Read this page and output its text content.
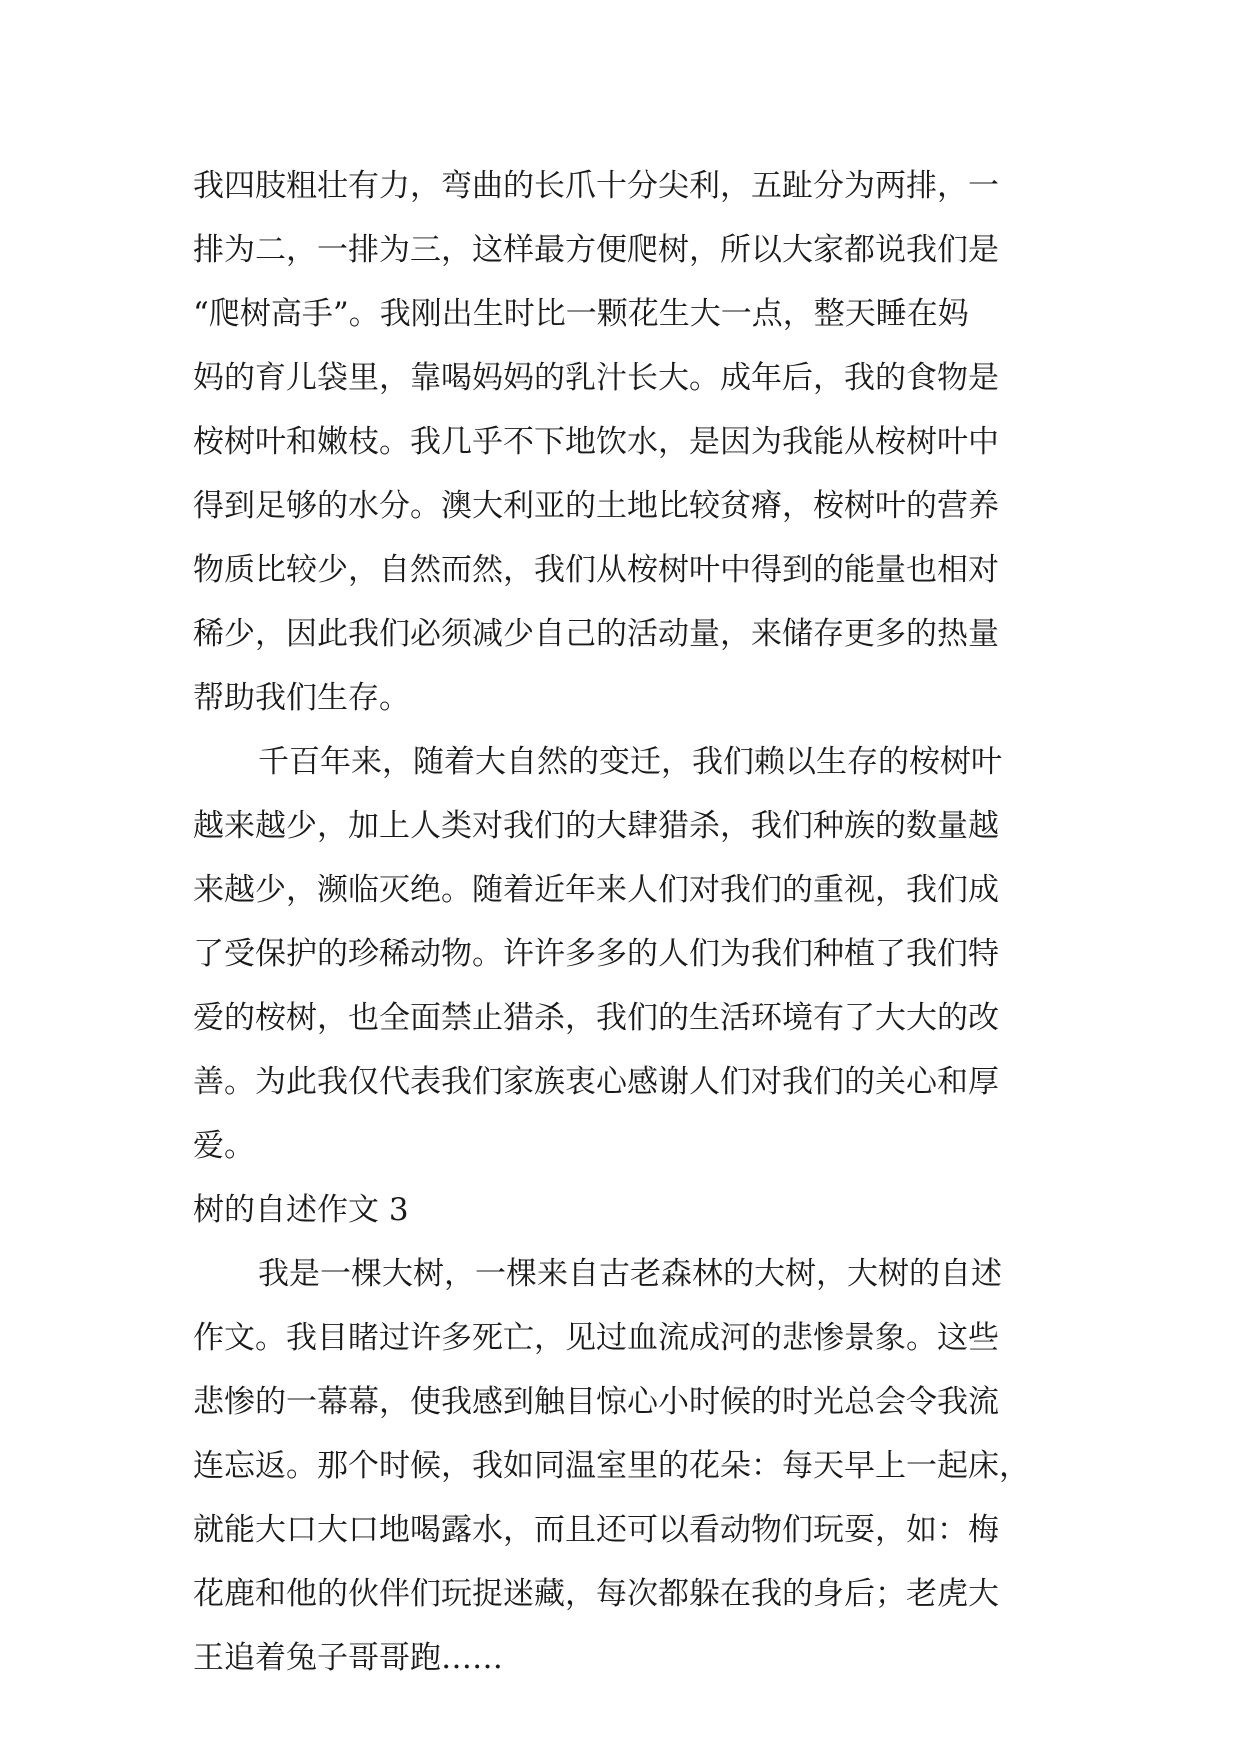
我四肢粗壮有力，弯曲的长爪十分尖利，五趾分为两排，一
排为二，一排为三，这样最方便爬树，所以大家都说我们是
“爬树高手”。我刚出生时比一颗花生大一点，整天睡在妈
妈的育儿袋里，靠喝妈妈的乳汁长大。成年后，我的食物是
桉树叶和嫩枝。我几乎不下地饮水，是因为我能从桉树叶中
得到足够的水分。澳大利亚的土地比较贫瘠，桉树叶的营养
物质比较少，自然而然，我们从桉树叶中得到的能量也相对
稀少，因此我们必须减少自己的活动量，来储存更多的热量
帮助我们生存。
千百年来，随着大自然的变迁，我们赖以生存的桉树叶
越来越少，加上人类对我们的大肆猎杀，我们种族的数量越
来越少，濒临灭绝。随着近年来人们对我们的重视，我们成
了受保护的珍稀动物。许许多多的人们为我们种植了我们特
爱的桉树，也全面禁止猎杀，我们的生活环境有了大大的改
善。为此我仅代表我们家族衷心感谢人们对我们的关心和厚
爱。
树的自述作文 3
我是一棵大树，一棵来自古老森林的大树，大树的自述
作文。我目睹过许多死亡，见过血流成河的悲惨景象。这些
悲惨的一幕幕，使我感到触目惊心小时候的时光总会令我流
连忘返。那个时候，我如同温室里的花朵：每天早上一起床，
就能大口大口地喝露水，而且还可以看动物们玩耍，如：梅
花鹿和他的伙伴们玩捉迷藏，每次都躲在我的身后；老虎大
王追着兔子哥哥跑……
